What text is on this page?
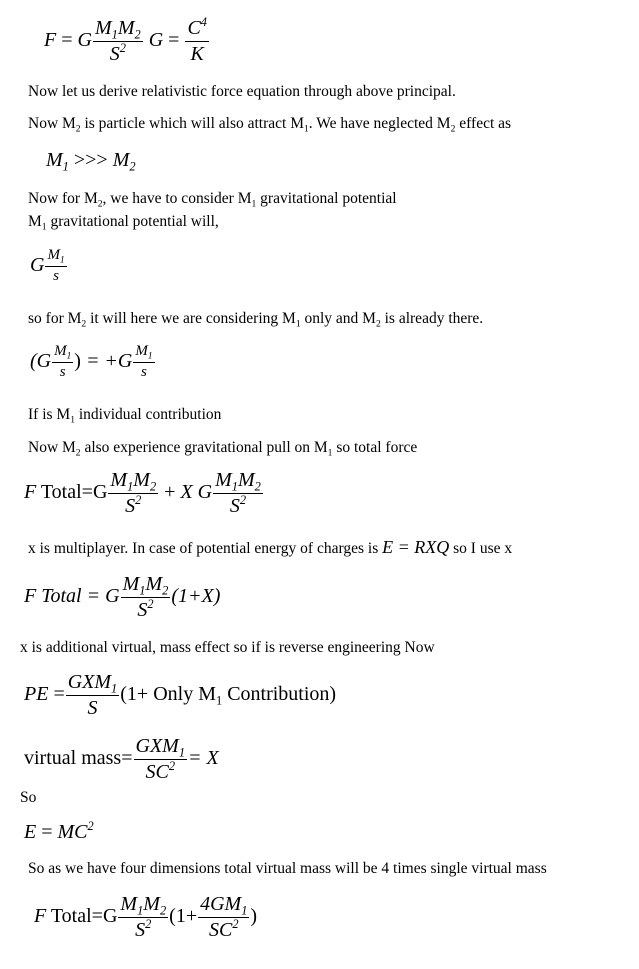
F = G $\frac{M_1M_2}{S^2}$ $G = \frac{C^4}{K}$
Now let us derive relativistic force equation through above principal.
Now $M_2$ is particle which will also attract $M_1$. We have neglected $M_2$ effect as
$M_1$ >>> $M_2$
Now for $M_2$, we have to consider $M_1$ gravitational potential
$M_1$ gravitational potential will,
G $\frac{M_1}{s}$
so for $M_2$ it will here we are considering $M_1$ only and $M_2$ is already there.
($G \frac{M_1}{s}$ ) = $+G \frac{M_1}{s}$
If is $M_1$ individual contribution
Now $M_2$ also experience gravitational pull on $M_1$ so total force
F Total=G $\frac{M_1M_2}{S^2} + X$ G $\frac{M_1M_2}{S^2}$
x is multiplayer. In case of potential energy of charges is E = RXQ so I use x
F Total = G $\frac{M_1M_2}{S^2} (1+X)$
x is additional virtual, mass effect so if is reverse engineering Now
PE = $\frac{GXM_1}{S} (1+$ Only $M_1$ Contribution)
virtual mass= $\frac{GXM_1}{SC^2} = X$
So
$E = MC^2$
So as we have four dimensions total virtual mass will be 4 times single virtual mass
F Total=G $\frac{M_1M_2}{S^2} (1+ \frac{4GM_1}{SC^2}$ )
